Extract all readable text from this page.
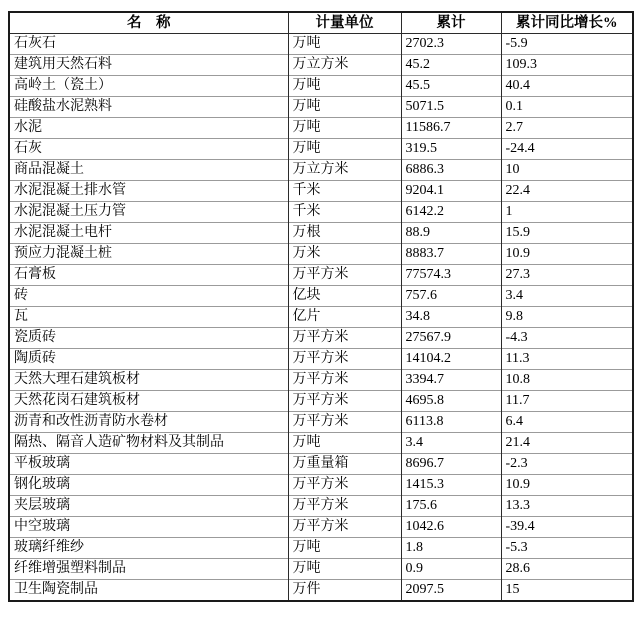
名　称	计量单位	累计	累计同比增长%
石灰石	万吨	2702.3	-5.9
建筑用天然石料	万立方米	45.2	109.3
高岭土（瓷土）	万吨	45.5	40.4
硅酸盐水泥熟料	万吨	5071.5	0.1
水泥	万吨	11586.7	2.7
石灰	万吨	319.5	-24.4
商品混凝土	万立方米	6886.3	10
水泥混凝土排水管	千米	9204.1	22.4
水泥混凝土压力管	千米	6142.2	1
水泥混凝土电杆	万根	88.9	15.9
预应力混凝土桩	万米	8883.7	10.9
石膏板	万平方米	77574.3	27.3
砖	亿块	757.6	3.4
瓦	亿片	34.8	9.8
瓷质砖	万平方米	27567.9	-4.3
陶质砖	万平方米	14104.2	11.3
天然大理石建筑板材	万平方米	3394.7	10.8
天然花岗石建筑板材	万平方米	4695.8	11.7
沥青和改性沥青防水卷材	万平方米	6113.8	6.4
隔热、隔音人造矿物材料及其制品	万吨	3.4	21.4
平板玻璃	万重量箱	8696.7	-2.3
钢化玻璃	万平方米	1415.3	10.9
夹层玻璃	万平方米	175.6	13.3
中空玻璃	万平方米	1042.6	-39.4
玻璃纤维纱	万吨	1.8	-5.3
纤维增强塑料制品	万吨	0.9	28.6
卫生陶瓷制品	万件	2097.5	15
